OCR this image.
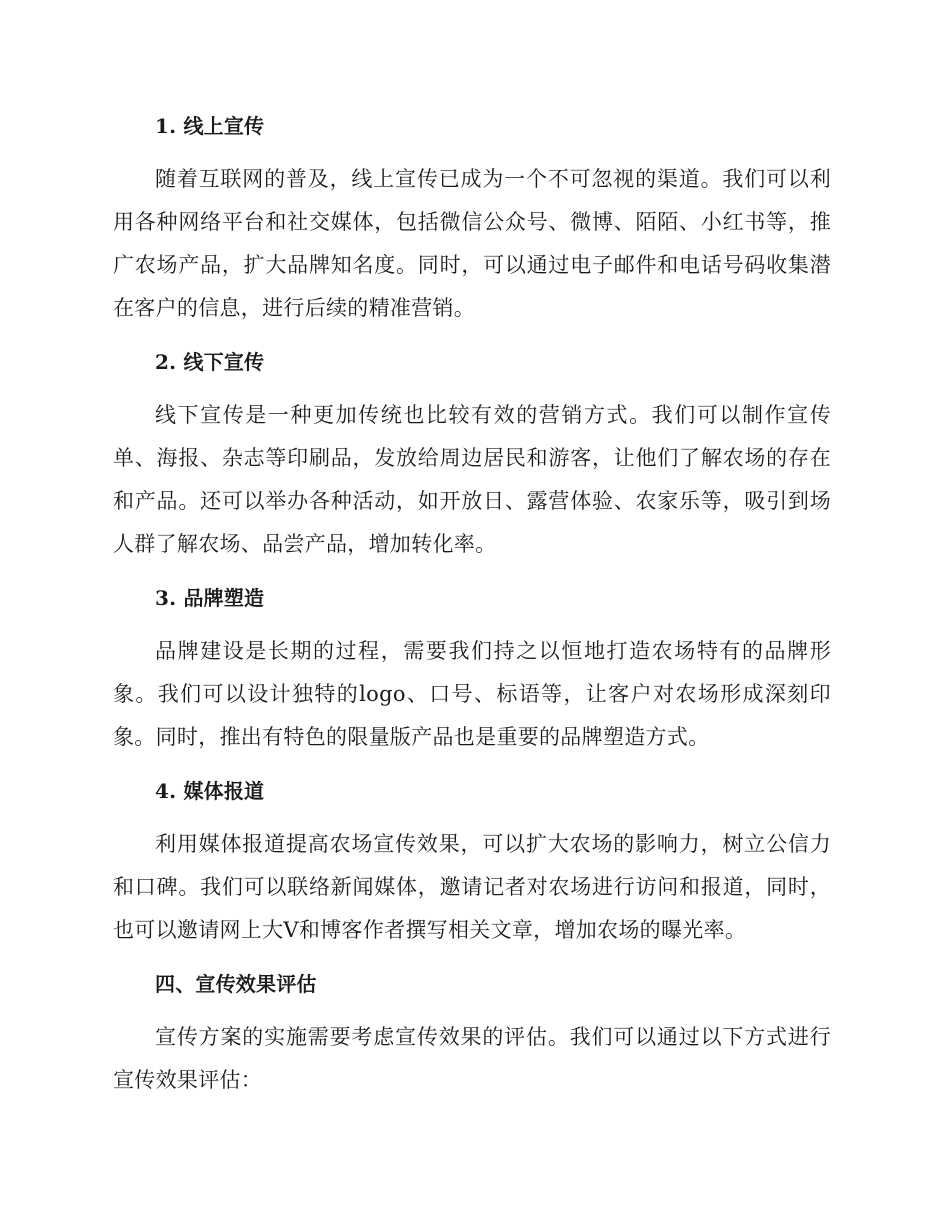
1. 线上宣传

随着互联网的普及，线上宣传已成为一个不可忽视的渠道。我们可以利用各种网络平台和社交媒体，包括微信公众号、微博、陌陌、小红书等，推广农场产品，扩大品牌知名度。同时，可以通过电子邮件和电话号码收集潜在客户的信息，进行后续的精准营销。

2. 线下宣传

线下宣传是一种更加传统也比较有效的营销方式。我们可以制作宣传单、海报、杂志等印刷品，发放给周边居民和游客，让他们了解农场的存在和产品。还可以举办各种活动，如开放日、露营体验、农家乐等，吸引到场人群了解农场、品尝产品，增加转化率。

3. 品牌塑造

品牌建设是长期的过程，需要我们持之以恒地打造农场特有的品牌形象。我们可以设计独特的logo、口号、标语等，让客户对农场形成深刻印象。同时，推出有特色的限量版产品也是重要的品牌塑造方式。

4. 媒体报道

利用媒体报道提高农场宣传效果，可以扩大农场的影响力，树立公信力和口碑。我们可以联络新闻媒体，邀请记者对农场进行访问和报道，同时，也可以邀请网上大V和博客作者撰写相关文章，增加农场的曝光率。

四、宣传效果评估

宣传方案的实施需要考虑宣传效果的评估。我们可以通过以下方式进行宣传效果评估：
